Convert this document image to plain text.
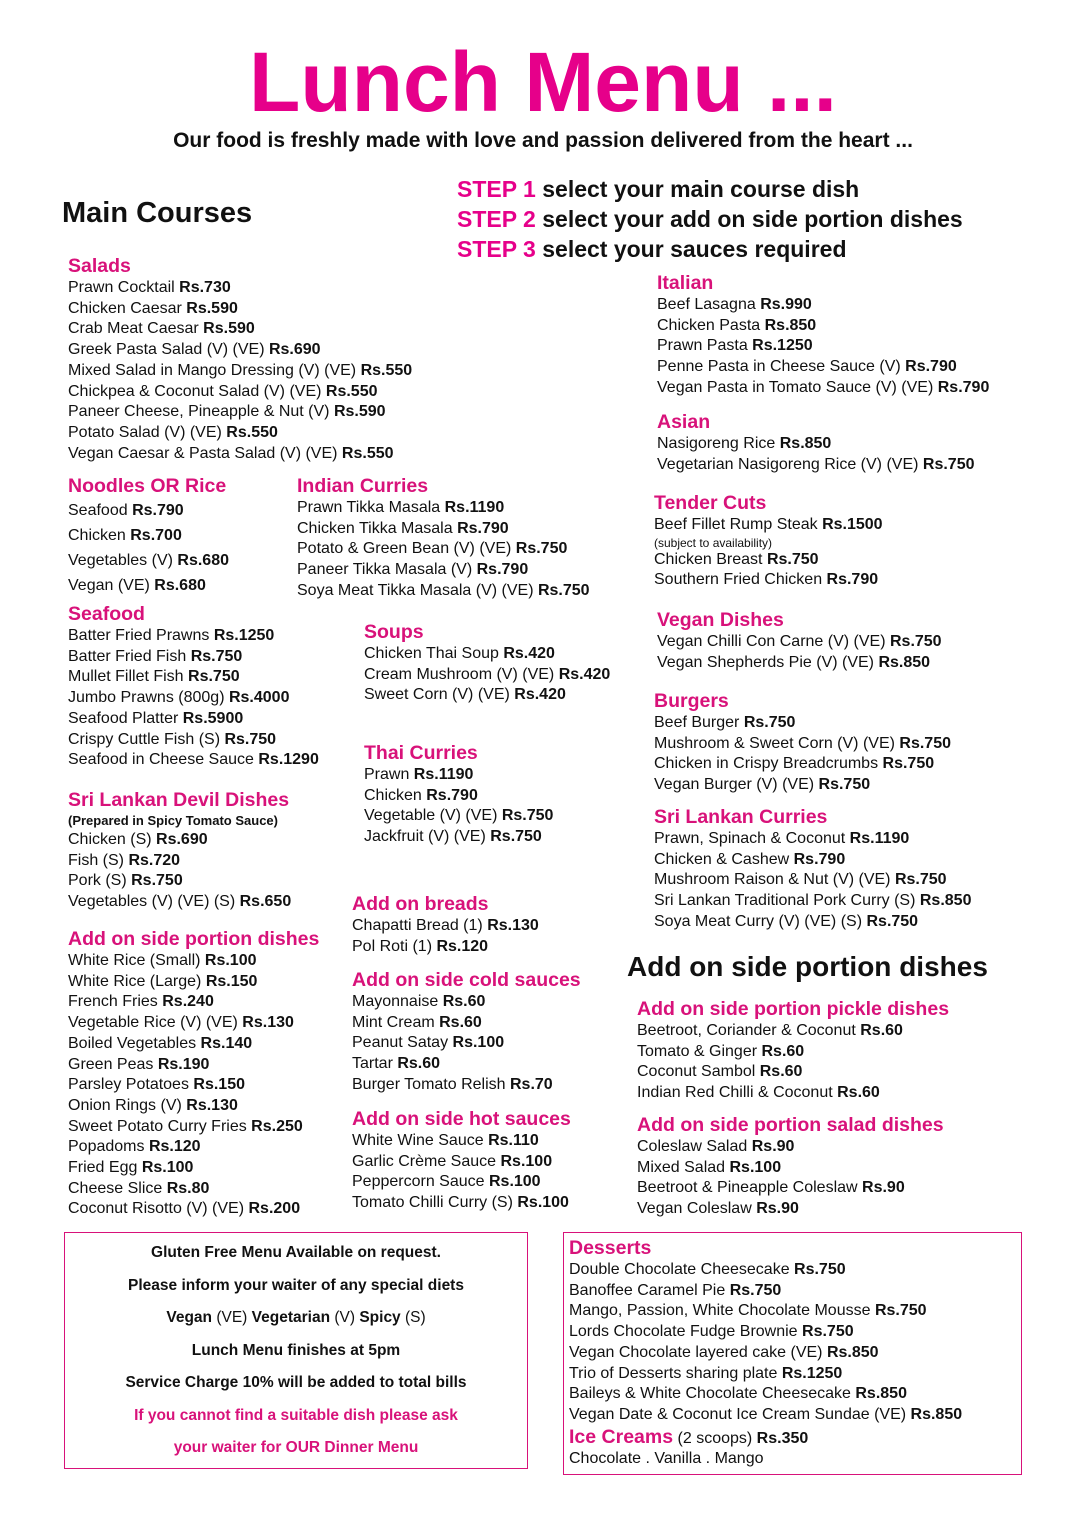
Lunch Menu ...
Our food is freshly made with love and passion delivered from the heart ...
Main Courses
STEP 1 select your main course dish
STEP 2 select your add on side portion dishes
STEP 3 select your sauces required
Salads
Prawn Cocktail Rs.730
Chicken Caesar Rs.590
Crab Meat Caesar Rs.590
Greek Pasta Salad (V) (VE) Rs.690
Mixed Salad in Mango Dressing (V) (VE) Rs.550
Chickpea & Coconut Salad (V) (VE) Rs.550
Paneer Cheese, Pineapple & Nut (V) Rs.590
Potato Salad (V) (VE) Rs.550
Vegan Caesar & Pasta Salad (V) (VE) Rs.550
Noodles OR Rice
Seafood Rs.790
Chicken Rs.700
Vegetables (V) Rs.680
Vegan (VE) Rs.680
Indian Curries
Prawn Tikka Masala Rs.1190
Chicken Tikka Masala Rs.790
Potato & Green Bean (V) (VE) Rs.750
Paneer Tikka Masala (V) Rs.790
Soya Meat Tikka Masala (V) (VE) Rs.750
Seafood
Batter Fried Prawns Rs.1250
Batter Fried Fish Rs.750
Mullet Fillet Fish Rs.750
Jumbo Prawns (800g) Rs.4000
Seafood Platter Rs.5900
Crispy Cuttle Fish (S) Rs.750
Seafood in Cheese Sauce Rs.1290
Soups
Chicken Thai Soup Rs.420
Cream Mushroom (V) (VE) Rs.420
Sweet Corn (V) (VE) Rs.420
Thai Curries
Prawn Rs.1190
Chicken Rs.790
Vegetable (V) (VE) Rs.750
Jackfruit (V) (VE) Rs.750
Sri Lankan Devil Dishes
(Prepared in Spicy Tomato Sauce)
Chicken (S) Rs.690
Fish (S) Rs.720
Pork (S) Rs.750
Vegetables (V) (VE) (S) Rs.650
Add on side portion dishes
White Rice (Small) Rs.100
White Rice (Large) Rs.150
French Fries Rs.240
Vegetable Rice (V) (VE) Rs.130
Boiled Vegetables Rs.140
Green Peas Rs.190
Parsley Potatoes Rs.150
Onion Rings (V) Rs.130
Sweet Potato Curry Fries Rs.250
Popadoms Rs.120
Fried Egg Rs.100
Cheese Slice Rs.80
Coconut Risotto (V) (VE) Rs.200
Add on breads
Chapatti Bread (1) Rs.130
Pol Roti (1) Rs.120
Add on side cold sauces
Mayonnaise Rs.60
Mint Cream Rs.60
Peanut Satay Rs.100
Tartar Rs.60
Burger Tomato Relish Rs.70
Add on side hot sauces
White Wine Sauce Rs.110
Garlic Crème Sauce Rs.100
Peppercorn Sauce Rs.100
Tomato Chilli Curry (S) Rs.100
Italian
Beef Lasagna Rs.990
Chicken Pasta Rs.850
Prawn Pasta Rs.1250
Penne Pasta in Cheese Sauce (V) Rs.790
Vegan Pasta in Tomato Sauce (V) (VE) Rs.790
Asian
Nasigoreng Rice Rs.850
Vegetarian Nasigoreng Rice (V) (VE) Rs.750
Tender Cuts
Beef Fillet Rump Steak Rs.1500
(subject to availability)
Chicken Breast Rs.750
Southern Fried Chicken Rs.790
Vegan Dishes
Vegan Chilli Con Carne (V) (VE) Rs.750
Vegan Shepherds Pie (V) (VE) Rs.850
Burgers
Beef Burger Rs.750
Mushroom & Sweet Corn (V) (VE) Rs.750
Chicken in Crispy Breadcrumbs Rs.750
Vegan Burger (V) (VE) Rs.750
Sri Lankan Curries
Prawn, Spinach & Coconut Rs.1190
Chicken & Cashew Rs.790
Mushroom Raison & Nut (V) (VE) Rs.750
Sri Lankan Traditional Pork Curry (S) Rs.850
Soya Meat Curry (V) (VE) (S) Rs.750
Add on side portion dishes
Add on side portion pickle dishes
Beetroot, Coriander & Coconut Rs.60
Tomato & Ginger Rs.60
Coconut Sambol Rs.60
Indian Red Chilli & Coconut Rs.60
Add on side portion salad dishes
Coleslaw Salad Rs.90
Mixed Salad Rs.100
Beetroot & Pineapple Coleslaw Rs.90
Vegan Coleslaw Rs.90
Gluten Free Menu Available on request.
Please inform your waiter of any special diets
Vegan (VE) Vegetarian (V) Spicy (S)
Lunch Menu finishes at 5pm
Service Charge 10% will be added to total bills
If you cannot find a suitable dish please ask
your waiter for OUR Dinner Menu
Desserts
Double Chocolate Cheesecake Rs.750
Banoffee Caramel Pie Rs.750
Mango, Passion, White Chocolate Mousse Rs.750
Lords Chocolate Fudge Brownie Rs.750
Vegan Chocolate layered cake (VE) Rs.850
Trio of Desserts sharing plate Rs.1250
Baileys & White Chocolate Cheesecake Rs.850
Vegan Date & Coconut Ice Cream Sundae (VE) Rs.850
Ice Creams (2 scoops) Rs.350
Chocolate . Vanilla . Mango
